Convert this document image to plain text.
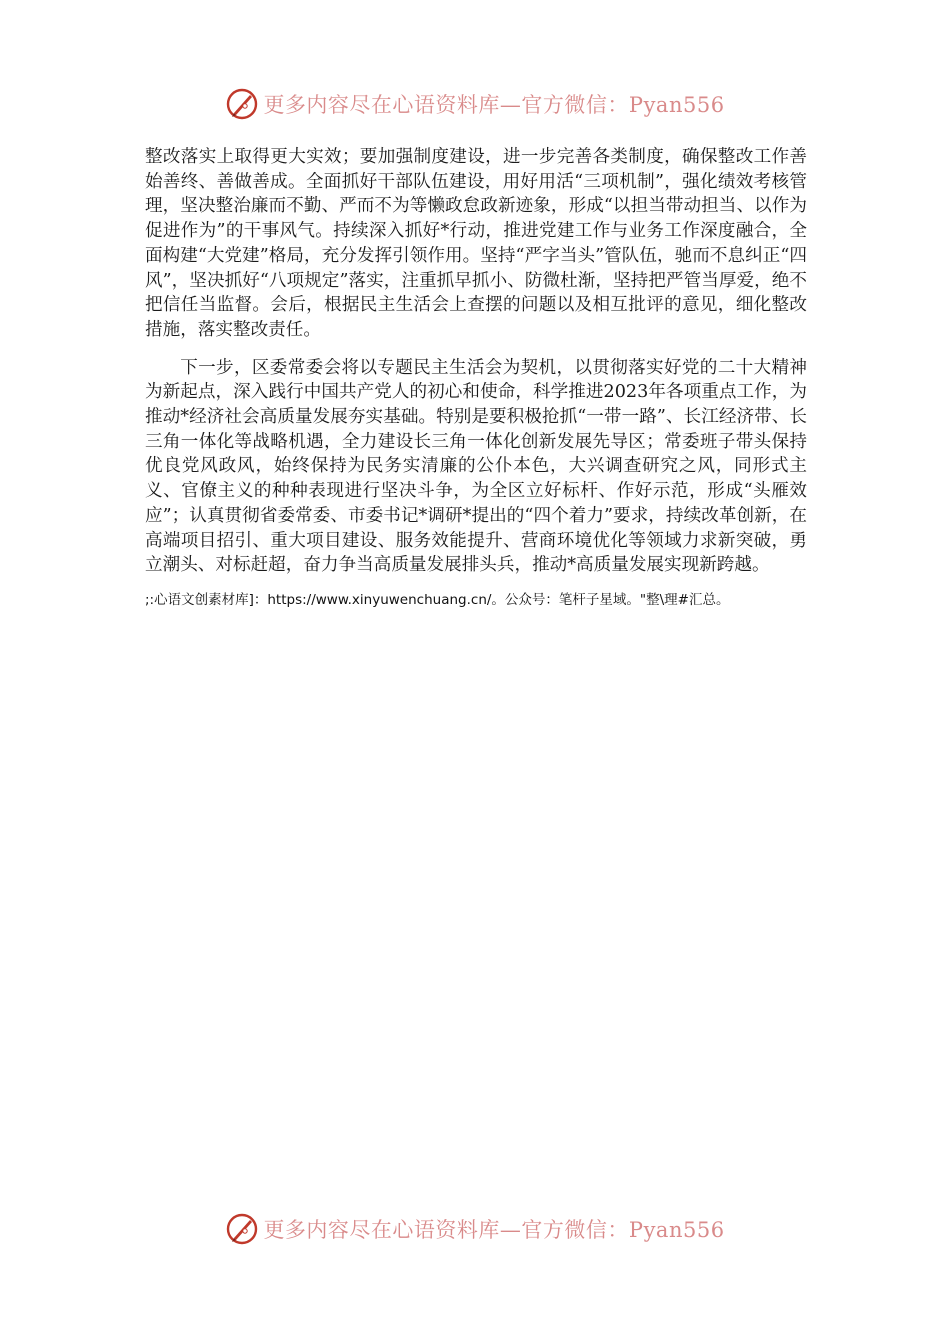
更多内容尽在心语资料库—官方微信：Pyan556

整改落实上取得更大实效；要加强制度建设，进一步完善各类制度，确保整改工作善始善终、善做善成。全面抓好干部队伍建设，用好用活“三项机制”，强化绩效考核管理，坚决整治廉而不勤、严而不为等懒政怠政新迹象，形成“以担当带动担当、以作为促进作为”的干事风气。持续深入抓好*行动，推进党建工作与业务工作深度融合，全面构建“大党建”格局，充分发挥引领作用。坚持“严字当头”管队伍，驰而不息纠正“四风”，坚决抓好“八项规定”落实，注重抓早抓小、防微杜渐，坚持把严管当厚爱，绝不把信任当监督。会后，根据民主生活会上查摆的问题以及相互批评的意见，细化整改措施，落实整改责任。

下一步，区委常委会将以专题民主生活会为契机，以贯彻落实好党的二十大精神为新起点，深入践行中国共产党人的初心和使命，科学推进2023年各项重点工作，为推动*经济社会高质量发展夯实基础。特别是要积极抢抓“一带一路”、长江经济带、长三角一体化等战略机遇，全力建设长三角一体化创新发展先导区；常委班子带头保持优良党风政风，始终保持为民务实清廉的公仆本色，大兴调查研究之风，同形式主义、官僚主义的种种表现进行坚决斗争，为全区立好标杆、作好示范，形成“头雁效应”；认真贯彻省委常委、市委书记*调研*提出的“四个着力”要求，持续改革创新，在高端项目招引、重大项目建设、服务效能提升、营商环境优化等领域力求新突破，勇立潮头、对标赶超，奋力争当高质量发展排头兵，推动*高质量发展实现新跨越。

;:心语文创素材库]：https://www.xinyuwenchuang.cn/。公众号：笔杆子星域。"整\理#汇总。
更多内容尽在心语资料库—官方微信：Pyan556
